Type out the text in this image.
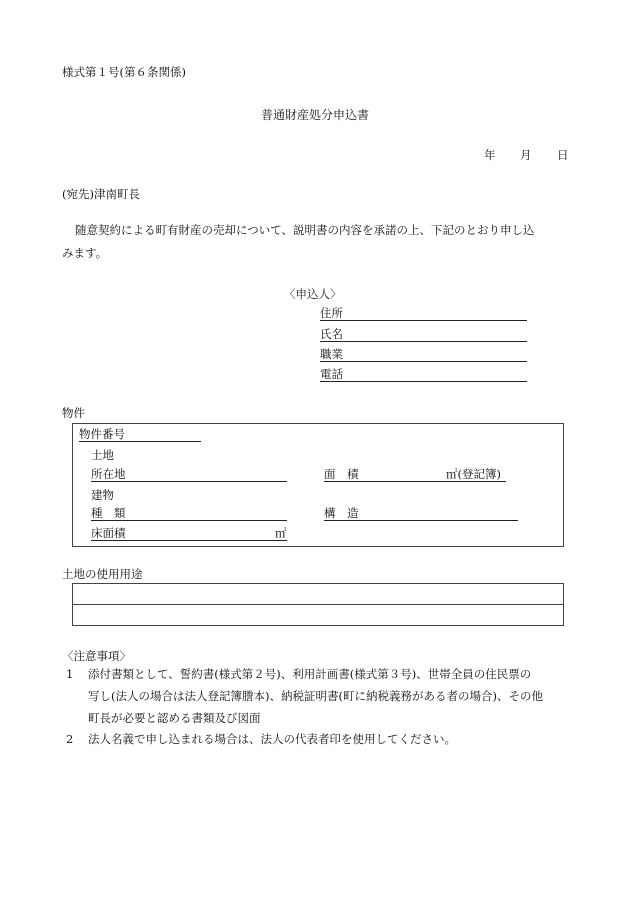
様式第１号(第６条関係)
普通財産処分申込書
年 月 日
(宛先)津南町長
随意契約による町有財産の売却について、説明書の内容を承諾の上、下記のとおり申し込
みます。
〈申込人〉
住所
氏名
職業
電話
物件
物件番号
土地
所在地	面　積	㎡(登記簿)
建物
種　類	構　造
床面積	㎡
土地の使用用途
〈注意事項〉
1 添付書類として、誓約書(様式第２号)、利用計画書(様式第３号)、世帯全員の住民票の
写し(法人の場合は法人登記簿謄本)、納税証明書(町に納税義務がある者の場合)、その他
町長が必要と認める書類及び図面
2 法人名義で申し込まれる場合は、法人の代表者印を使用してください。
